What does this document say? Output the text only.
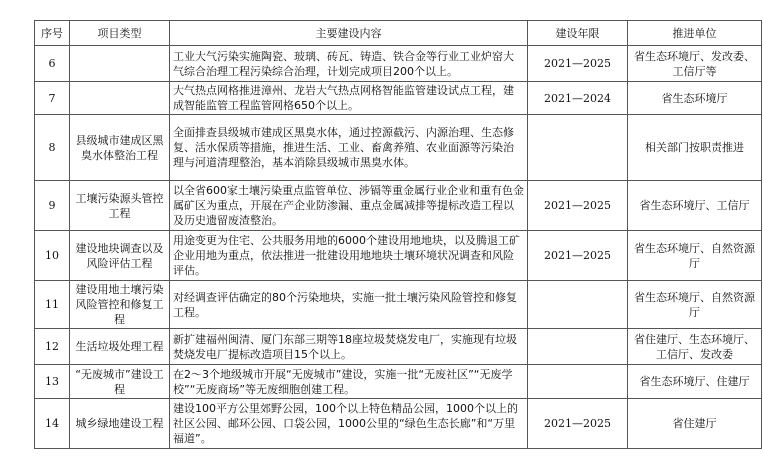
序号	项目类型	主要建设内容	建设年限	推进单位
6		工业大气污染实施陶瓷、玻璃、砖瓦、铸造、铁合金等行业工业炉窑大气综合治理工程污染综合治理，计划完成项目200个以上。	2021—2025	省生态环境厅、发改委、工信厅等
7		大气热点网格推进漳州、龙岩大气热点网格智能监管建设试点工程，建成智能监管工程监管网格650个以上。	2021—2024	省生态环境厅
8	县级城市建成区黑臭水体整治工程	全面排查县级城市建成区黑臭水体，通过控源截污、内源治理、生态修复、活水保质等措施，推进生活、工业、畜禽养殖、农业面源等污染治理与河道清理整治，基本消除县级城市黑臭水体。		相关部门按职责推进
9	工壤污染源头管控工程	以全省600家土壤污染重点监管单位、涉镉等重金属行业企业和重有色金属矿区为重点，开展在产企业防渗漏、重点金属减排等提标改造工程以及历史遗留废渣整治。	2021—2025	省生态环境厅、工信厅
10	建设地块调查以及风险评估工程	用途变更为住宅、公共服务用地的6000个建设用地地块，以及腾退工矿企业用地为重点，依法推进一批建设用地地块土壤环境状况调查和风险评估。	2021—2025	省生态环境厅、自然资源厅
11	建设用地土壤污染风险管控和修复工程	对经调查评估确定的80个污染地块，实施一批土壤污染风险管控和修复工程。		省生态环境厅、自然资源厅
12	生活垃圾处理工程	新扩建福州闽清、厦门东部三期等18座垃圾焚烧发电厂，实施现有垃圾焚烧发电厂提标改造项目15个以上。		省住建厅、生态环境厅、工信厅、发改委
13	“无废城市”建设工程	在2～3个地级城市开展“无废城市”建设，实施一批“无废社区”“无废学校”“无废商场”等无废细胞创建工程。		省生态环境厅、住建厅
14	城乡绿地建设工程	建设100平方公里郊野公园，100个以上特色精品公园，1000个以上的社区公园、邮环公园、口袋公园，1000公里的“绿色生态长廊”和“万里福道”。	2021—2025	省住建厅
